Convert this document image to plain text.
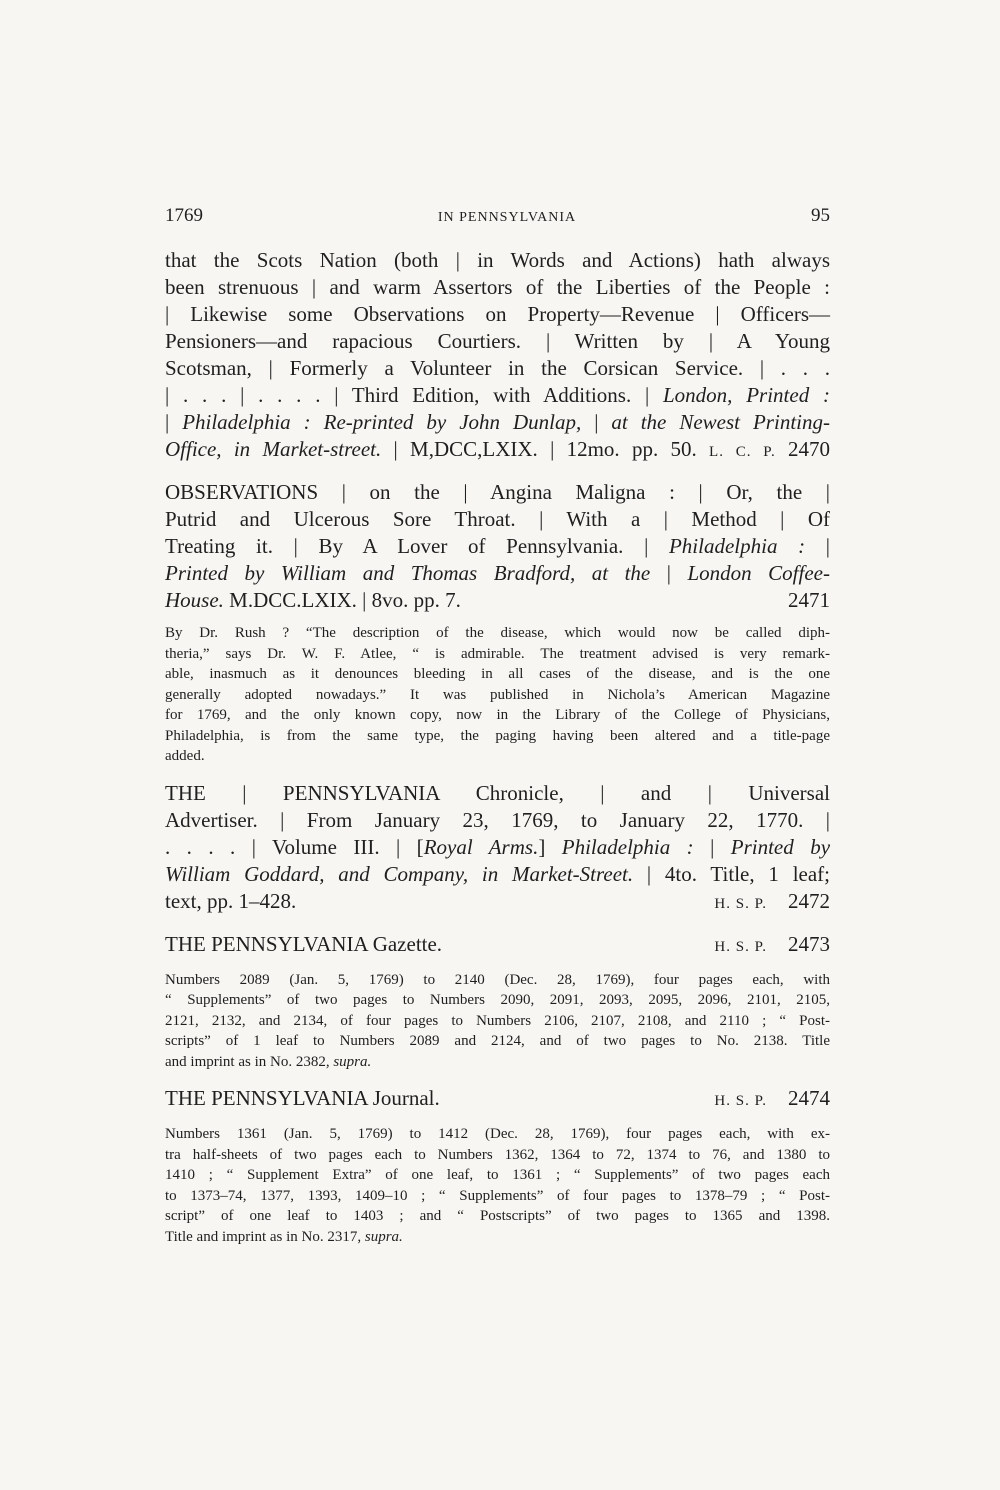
1769	IN PENNSYLVANIA	95
that the Scots Nation (both | in Words and Actions) hath always
been strenuous | and warm Assertors of the Liberties of the People :
| Likewise some Observations on Property—Revenue | Officers—
Pensioners—and rapacious Courtiers. | Written by | A Young
Scotsman, | Formerly a Volunteer in the Corsican Service. | . . .
| . . . | . . . . | Third Edition, with Additions. | London, Printed :
| Philadelphia : Re-printed by John Dunlap, | at the Newest Printing-
Office, in Market-street. | M,DCC,LXIX. | 12mo. pp. 50. L. C. P. 2470
OBSERVATIONS | on the | Angina Maligna : | Or, the |
Putrid and Ulcerous Sore Throat. | With a | Method | Of
Treating it. | By A Lover of Pennsylvania. | Philadelphia : |
Printed by William and Thomas Bradford, at the | London Coffee-
House. M.DCC.LXIX. | 8vo. pp. 7.	2471
By Dr. Rush ? “The description of the disease, which would now be called diph-
theria,” says Dr. W. F. Atlee, “ is admirable. The treatment advised is very remark-
able, inasmuch as it denounces bleeding in all cases of the disease, and is the one
generally adopted nowadays.” It was published in Nichola’s American Magazine
for 1769, and the only known copy, now in the Library of the College of Physicians,
Philadelphia, is from the same type, the paging having been altered and a title-page
added.
THE | PENNSYLVANIA Chronicle, | and | Universal
Advertiser. | From January 23, 1769, to January 22, 1770. |
. . . . | Volume III. | [Royal Arms.] Philadelphia : | Printed by
William Goddard, and Company, in Market-Street. | 4to. Title, 1 leaf;
text, pp. 1–428.	H. S. P. 2472
THE PENNSYLVANIA Gazette.	H. S. P. 2473
Numbers 2089 (Jan. 5, 1769) to 2140 (Dec. 28, 1769), four pages each, with
“ Supplements” of two pages to Numbers 2090, 2091, 2093, 2095, 2096, 2101, 2105,
2121, 2132, and 2134, of four pages to Numbers 2106, 2107, 2108, and 2110 ; “ Post-
scripts” of 1 leaf to Numbers 2089 and 2124, and of two pages to No. 2138. Title
and imprint as in No. 2382, supra.
THE PENNSYLVANIA Journal.	H. S. P. 2474
Numbers 1361 (Jan. 5, 1769) to 1412 (Dec. 28, 1769), four pages each, with ex-
tra half-sheets of two pages each to Numbers 1362, 1364 to 72, 1374 to 76, and 1380 to
1410 ; “ Supplement Extra” of one leaf, to 1361 ; “ Supplements” of two pages each
to 1373–74, 1377, 1393, 1409–10 ; “ Supplements” of four pages to 1378–79 ; “ Post-
script” of one leaf to 1403 ; and “ Postscripts” of two pages to 1365 and 1398.
Title and imprint as in No. 2317, supra.
